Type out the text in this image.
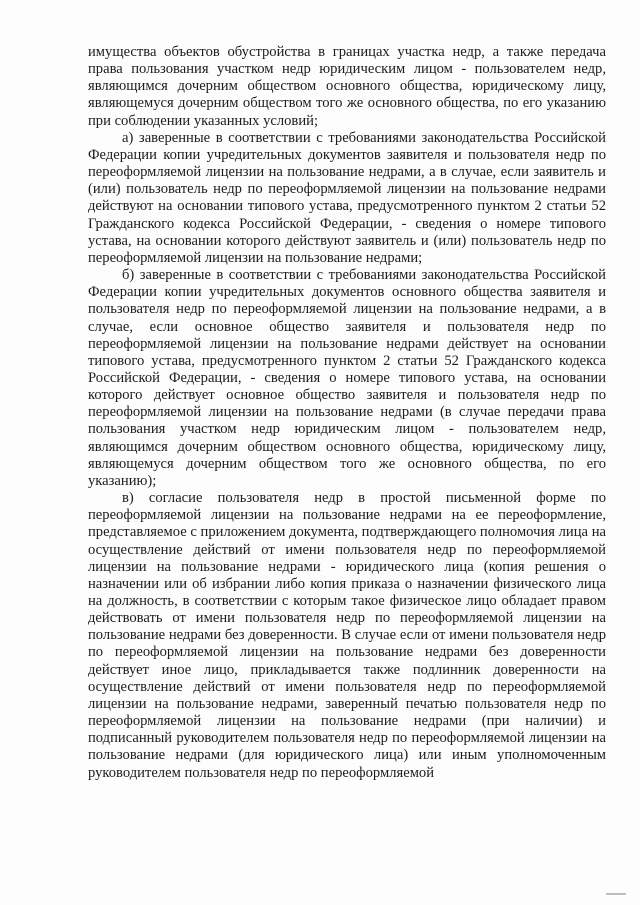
имущества объектов обустройства в границах участка недр, а также передача права пользования участком недр юридическим лицом - пользователем недр, являющимся дочерним обществом основного общества, юридическому лицу, являющемуся дочерним обществом того же основного общества, по его указанию при соблюдении указанных условий;

а) заверенные в соответствии с требованиями законодательства Российской Федерации копии учредительных документов заявителя и пользователя недр по переоформляемой лицензии на пользование недрами, а в случае, если заявитель и (или) пользователь недр по переоформляемой лицензии на пользование недрами действуют на основании типового устава, предусмотренного пунктом 2 статьи 52 Гражданского кодекса Российской Федерации, - сведения о номере типового устава, на основании которого действуют заявитель и (или) пользователь недр по переоформляемой лицензии на пользование недрами;

б) заверенные в соответствии с требованиями законодательства Российской Федерации копии учредительных документов основного общества заявителя и пользователя недр по переоформляемой лицензии на пользование недрами, а в случае, если основное общество заявителя и пользователя недр по переоформляемой лицензии на пользование недрами действует на основании типового устава, предусмотренного пунктом 2 статьи 52 Гражданского кодекса Российской Федерации, - сведения о номере типового устава, на основании которого действует основное общество заявителя и пользователя недр по переоформляемой лицензии на пользование недрами (в случае передачи права пользования участком недр юридическим лицом - пользователем недр, являющимся дочерним обществом основного общества, юридическому лицу, являющемуся дочерним обществом того же основного общества, по его указанию);

в) согласие пользователя недр в простой письменной форме по переоформляемой лицензии на пользование недрами на ее переоформление, представляемое с приложением документа, подтверждающего полномочия лица на осуществление действий от имени пользователя недр по переоформляемой лицензии на пользование недрами - юридического лица (копия решения о назначении или об избрании либо копия приказа о назначении физического лица на должность, в соответствии с которым такое физическое лицо обладает правом действовать от имени пользователя недр по переоформляемой лицензии на пользование недрами без доверенности. В случае если от имени пользователя недр по переоформляемой лицензии на пользование недрами без доверенности действует иное лицо, прикладывается также подлинник доверенности на осуществление действий от имени пользователя недр по переоформляемой лицензии на пользование недрами, заверенный печатью пользователя недр по переоформляемой лицензии на пользование недрами (при наличии) и подписанный руководителем пользователя недр по переоформляемой лицензии на пользование недрами (для юридического лица) или иным уполномоченным руководителем пользователя недр по переоформляемой
